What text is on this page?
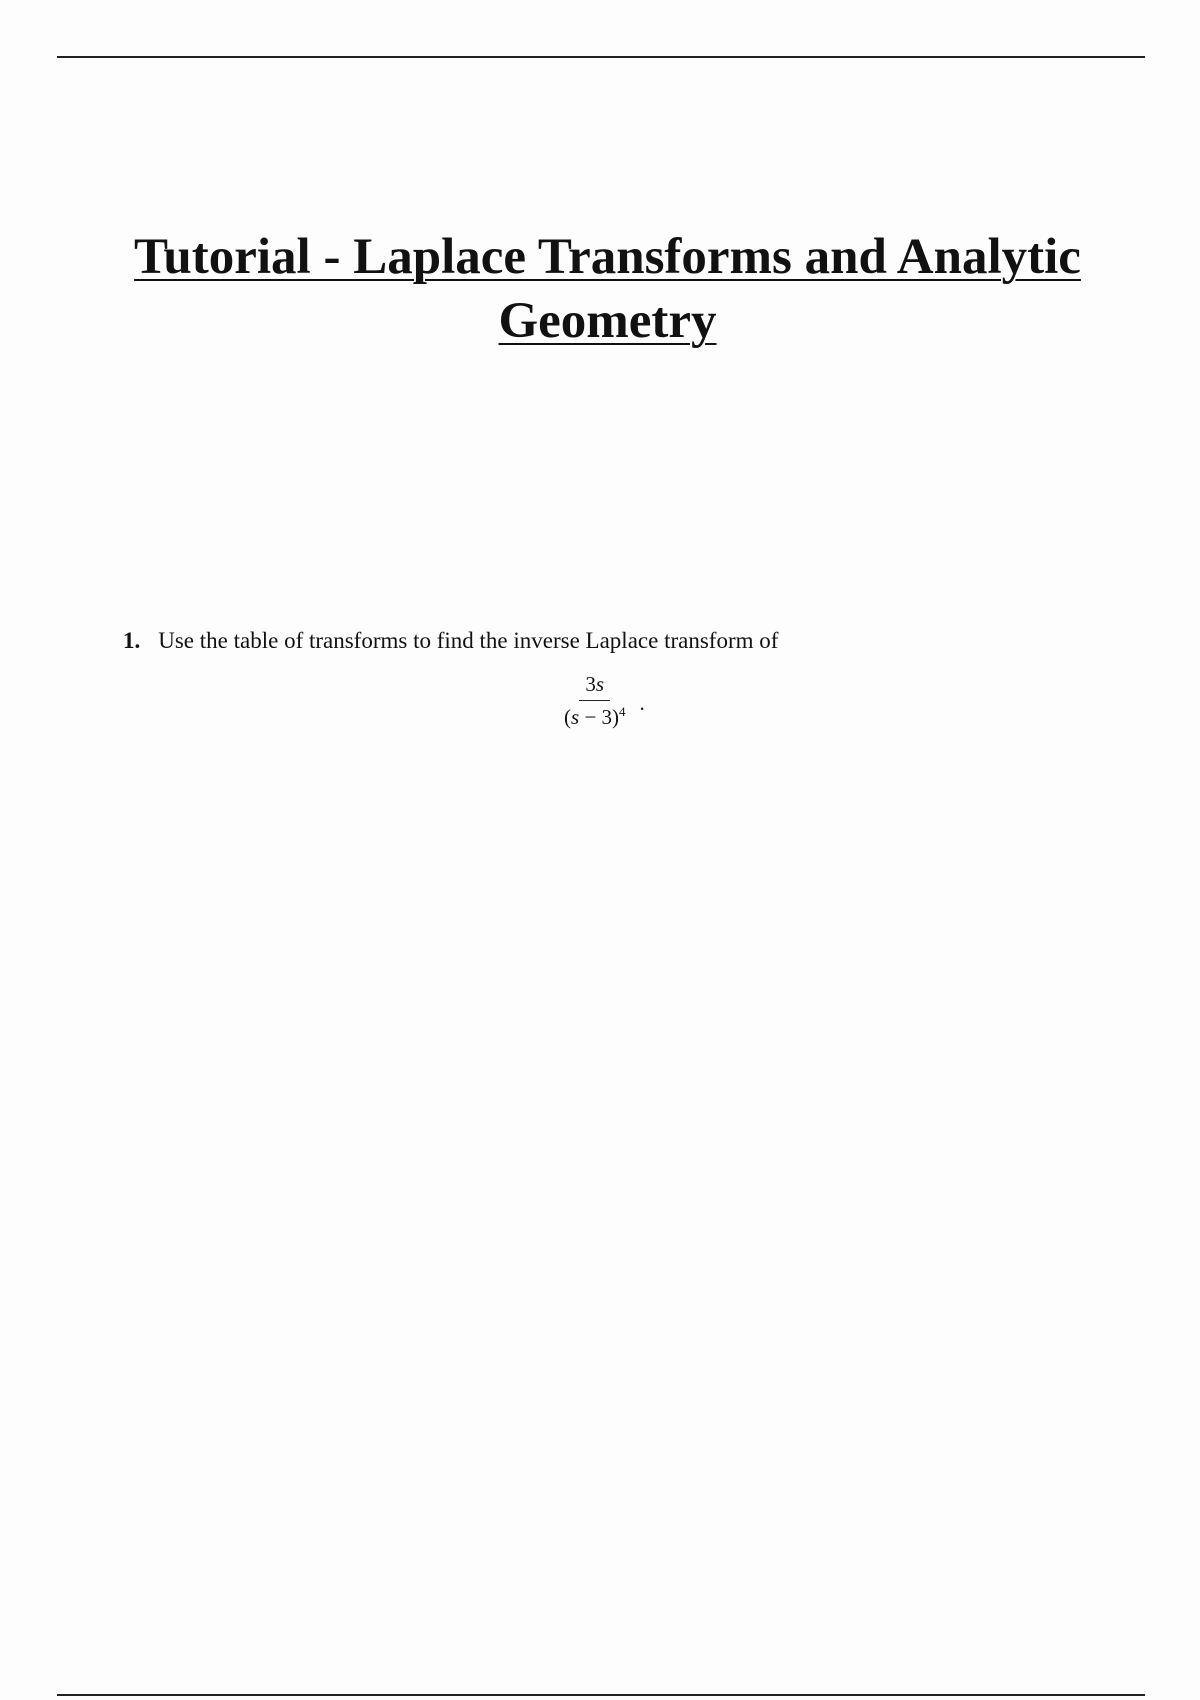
Tutorial - Laplace Transforms and Analytic Geometry
1. Use the table of transforms to find the inverse Laplace transform of
$\frac{3s}{(s - 3)^4}$ .
